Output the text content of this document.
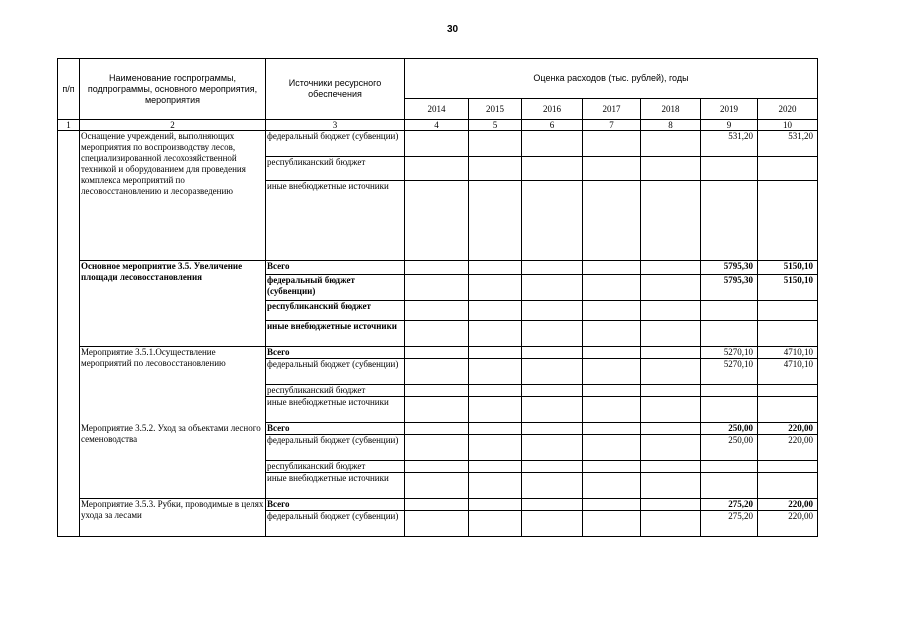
30
п/п	Наименование госпрограммы, подпрограммы, основного мероприятия, мероприятия	Источники ресурсного обеспечения	Оценка расходов (тыс. рублей), годы						
			2014	2015	2016	2017	2018	2019	2020
1	2	3	4	5	6	7	8	9	10
	Оснащение учреждений, выполняющих мероприятия по воспроизводству лесов, специализированной лесохозяйственной техникой и оборудованием для проведения комплекса мероприятий по лесовосстановлению и лесоразведению	федеральный бюджет (субвенции)						531,20	531,20
		республиканский бюджет							
		иные внебюджетные источники							
	Основное мероприятие 3.5. Увеличение площади лесовосстановления	Всего						5795,30	5150,10
		федеральный бюджет (субвенции)						5795,30	5150,10
		республиканский бюджет							
		иные внебюджетные источники							
	Мероприятие 3.5.1.Осуществление мероприятий по лесовосстановлению	Всего						5270,10	4710,10
		федеральный бюджет (субвенции)						5270,10	4710,10
		республиканский бюджет							
		иные внебюджетные источники							
	Мероприятие 3.5.2. Уход за объектами лесного семеноводства	Всего						250,00	220,00
		федеральный бюджет (субвенции)						250,00	220,00
		республиканский бюджет							
		иные внебюджетные источники							
	Мероприятие 3.5.3. Рубки, проводимые в целях ухода за лесами	Всего						275,20	220,00
		федеральный бюджет (субвенции)						275,20	220,00
